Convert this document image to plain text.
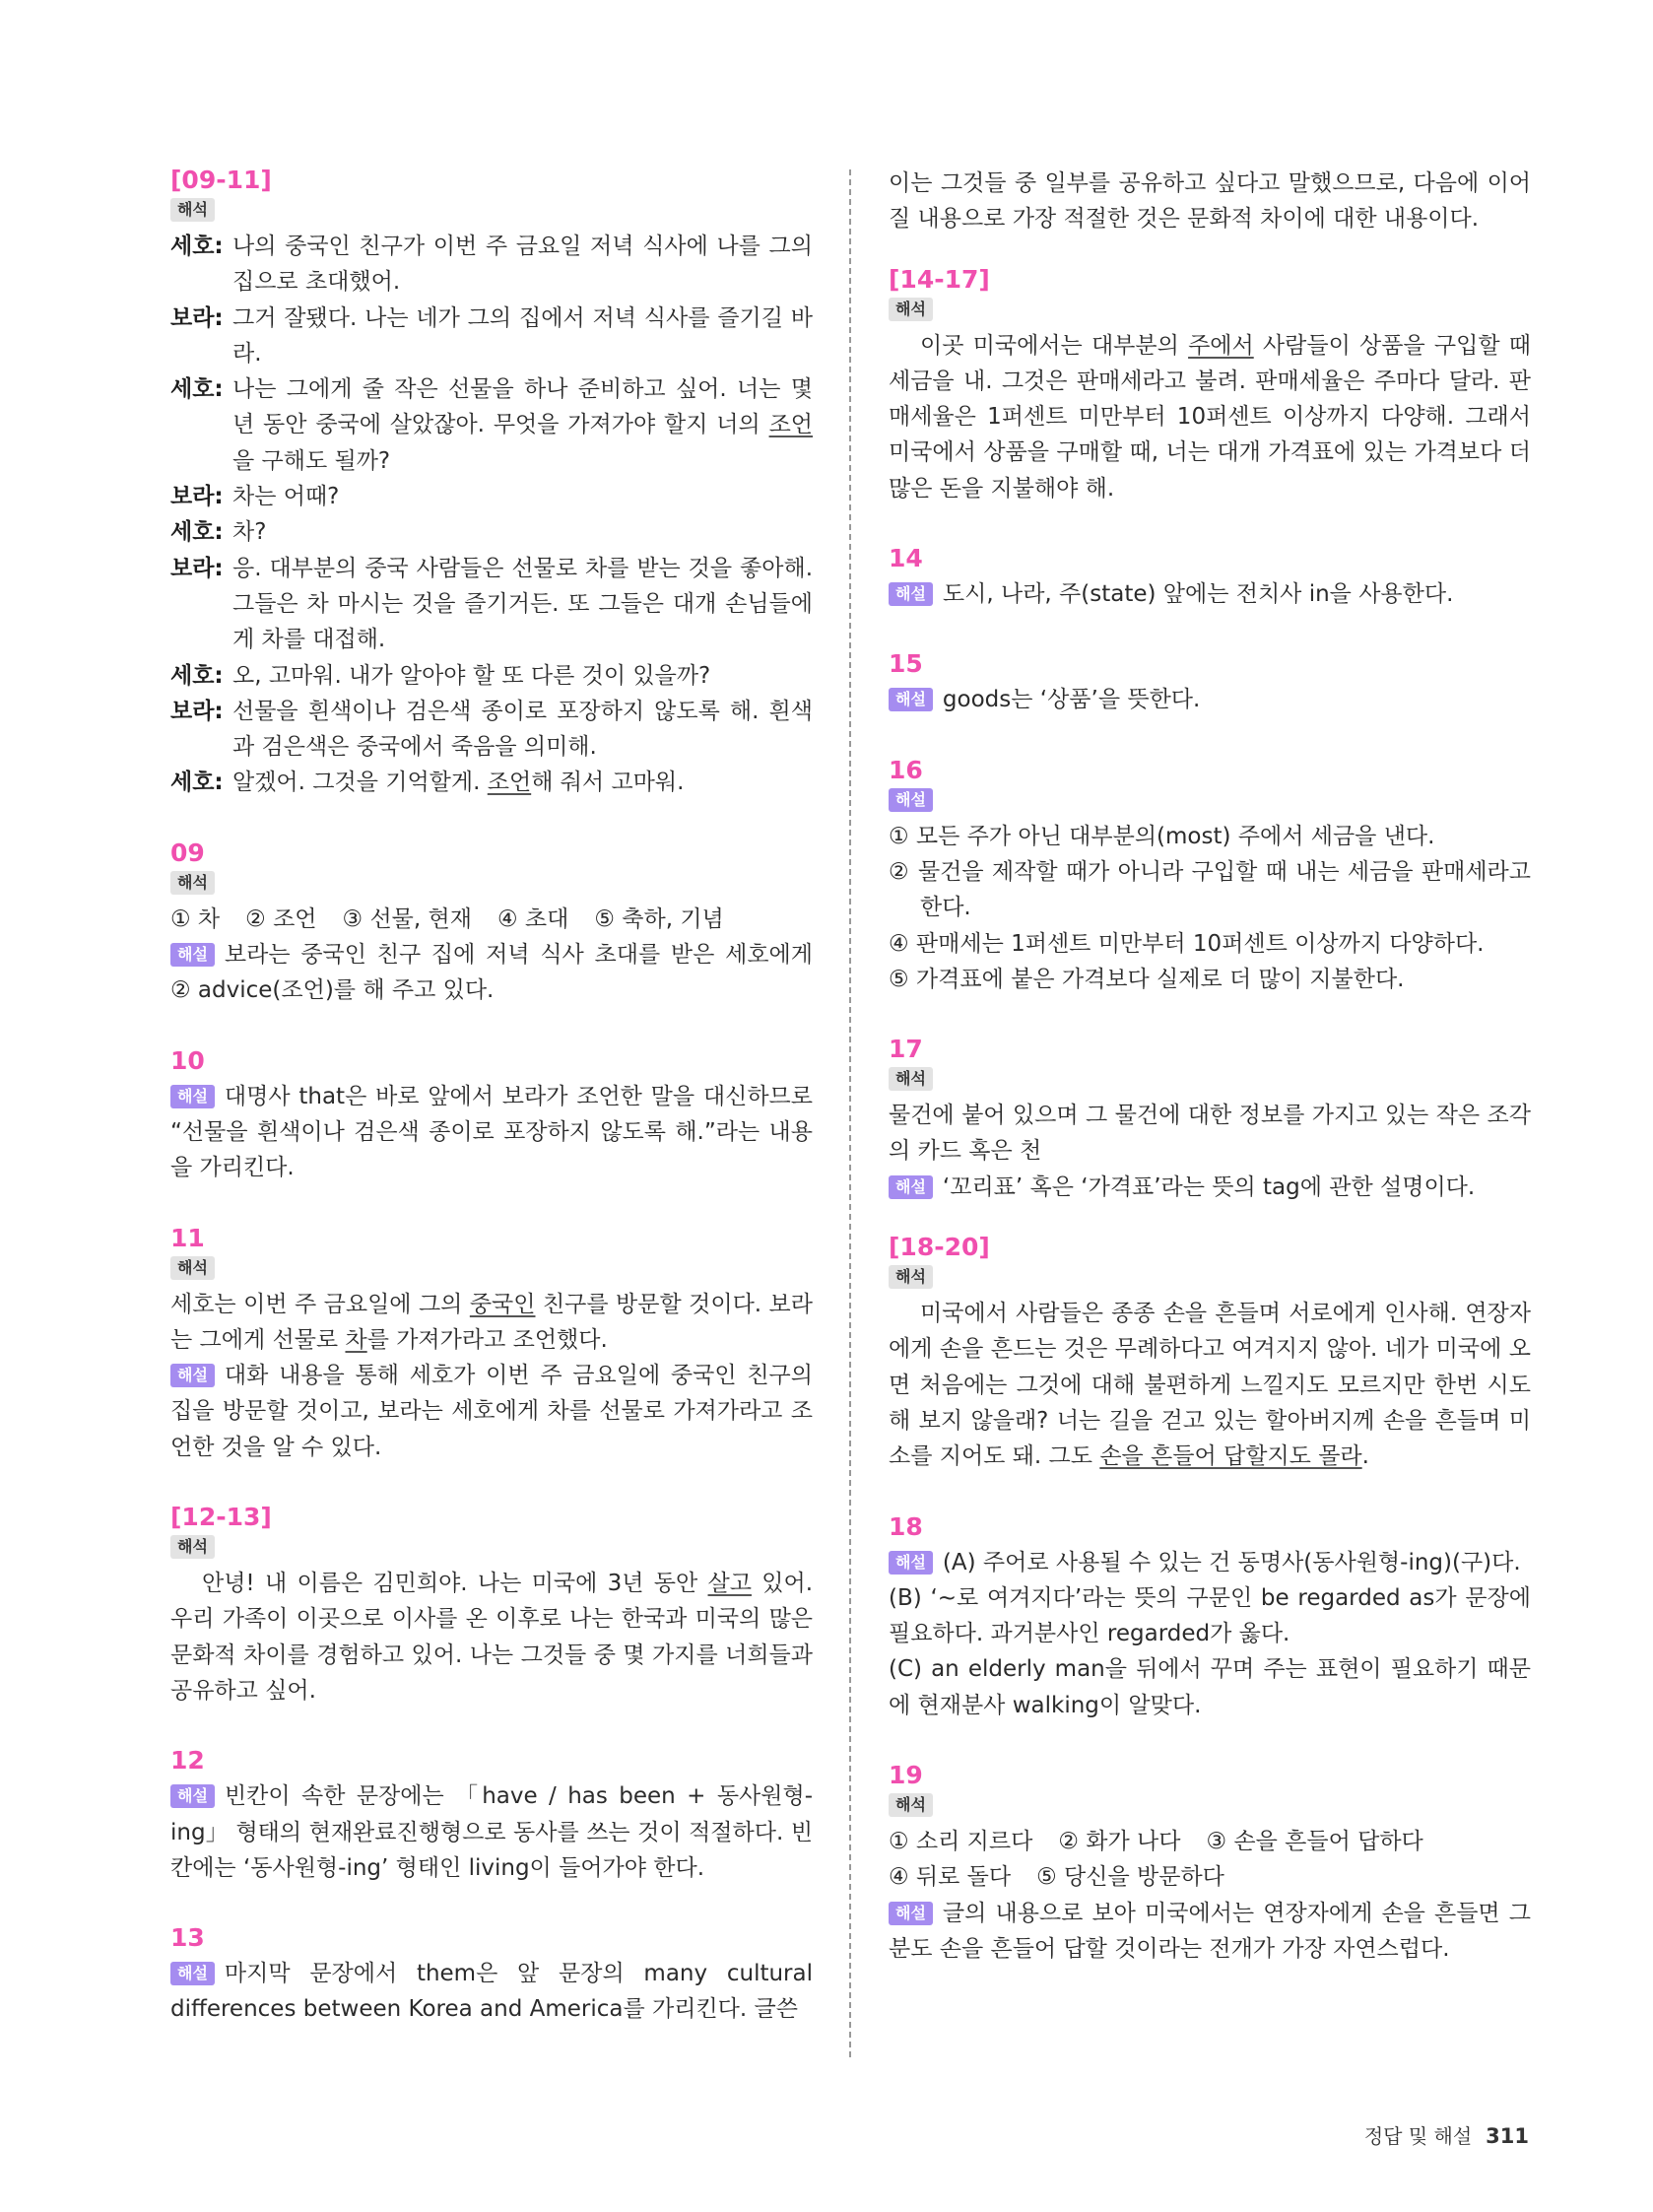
[09-11]
해석
세호: 나의 중국인 친구가 이번 주 금요일 저녁 식사에 나를 그의 집으로 초대했어.
보라: 그거 잘됐다. 나는 네가 그의 집에서 저녁 식사를 즐기길 바라.
세호: 나는 그에게 줄 작은 선물을 하나 준비하고 싶어. 너는 몇 년 동안 중국에 살았잖아. 무엇을 가져가야 할지 너의 조언을 구해도 될까?
보라: 차는 어때?
세호: 차?
보라: 응. 대부분의 중국 사람들은 선물로 차를 받는 것을 좋아해. 그들은 차 마시는 것을 즐기거든. 또 그들은 대개 손님들에게 차를 대접해.
세호: 오, 고마워. 내가 알아야 할 또 다른 것이 있을까?
보라: 선물을 흰색이나 검은색 종이로 포장하지 않도록 해. 흰색과 검은색은 중국에서 죽음을 의미해.
세호: 알겠어. 그것을 기억할게. 조언해 줘서 고마워.
09
해석
① 차 ② 조언 ③ 선물, 현재 ④ 초대 ⑤ 축하, 기념

해설 보라는 중국인 친구 집에 저녁 식사 초대를 받은 세호에게 ② advice(조언)를 해 주고 있다.

10

해설 대명사 that은 바로 앞에서 보라가 조언한 말을 대신하므로 “선물을 흰색이나 검은색 종이로 포장하지 않도록 해.”라는 내용을 가리킨다.

11
해석

세호는 이번 주 금요일에 그의 중국인 친구를 방문할 것이다. 보라는 그에게 선물로 차를 가져가라고 조언했다.

해설 대화 내용을 통해 세호가 이번 주 금요일에 중국인 친구의 집을 방문할 것이고, 보라는 세호에게 차를 선물로 가져가라고 조언한 것을 알 수 있다.

[12-13]
해석

안녕! 내 이름은 김민희야. 나는 미국에 3년 동안 살고 있어. 우리 가족이 이곳으로 이사를 온 이후로 나는 한국과 미국의 많은 문화적 차이를 경험하고 있어. 나는 그것들 중 몇 가지를 너희들과 공유하고 싶어.

12

해설 빈칸이 속한 문장에는 「have / has been + 동사원형-ing」 형태의 현재완료진행형으로 동사를 쓰는 것이 적절하다. 빈칸에는 ‘동사원형-ing’ 형태인 living이 들어가야 한다.

13

해설 마지막 문장에서 them은 앞 문장의 many cultural differences between Korea and America를 가리킨다. 글쓴

이는 그것들 중 일부를 공유하고 싶다고 말했으므로, 다음에 이어질 내용으로 가장 적절한 것은 문화적 차이에 대한 내용이다.

[14-17]
해석

이곳 미국에서는 대부분의 주에서 사람들이 상품을 구입할 때 세금을 내. 그것은 판매세라고 불려. 판매세율은 주마다 달라. 판매세율은 1퍼센트 미만부터 10퍼센트 이상까지 다양해. 그래서 미국에서 상품을 구매할 때, 너는 대개 가격표에 있는 가격보다 더 많은 돈을 지불해야 해.

14

해설 도시, 나라, 주(state) 앞에는 전치사 in을 사용한다.

15

해설 goods는 ‘상품’을 뜻한다.

16
해설

① 모든 주가 아닌 대부분의(most) 주에서 세금을 낸다.

② 물건을 제작할 때가 아니라 구입할 때 내는 세금을 판매세라고 한다.

④ 판매세는 1퍼센트 미만부터 10퍼센트 이상까지 다양하다.

⑤ 가격표에 붙은 가격보다 실제로 더 많이 지불한다.

17
해석

물건에 붙어 있으며 그 물건에 대한 정보를 가지고 있는 작은 조각의 카드 혹은 천

해설 ‘꼬리표’ 혹은 ‘가격표’라는 뜻의 tag에 관한 설명이다.

[18-20]
해석

미국에서 사람들은 종종 손을 흔들며 서로에게 인사해. 연장자에게 손을 흔드는 것은 무례하다고 여겨지지 않아. 네가 미국에 오면 처음에는 그것에 대해 불편하게 느낄지도 모르지만 한번 시도해 보지 않을래? 너는 길을 걷고 있는 할아버지께 손을 흔들며 미소를 지어도 돼. 그도 손을 흔들어 답할지도 몰라.

18

해설 (A) 주어로 사용될 수 있는 건 동명사(동사원형-ing)(구)다.

(B) ‘~로 여겨지다’라는 뜻의 구문인 be regarded as가 문장에 필요하다. 과거분사인 regarded가 옳다.

(C) an elderly man을 뒤에서 꾸며 주는 표현이 필요하기 때문에 현재분사 walking이 알맞다.

19
해석
① 소리 지르다 ② 화가 나다 ③ 손을 흔들어 답하다
④ 뒤로 돌다 ⑤ 당신을 방문하다

해설 글의 내용으로 보아 미국에서는 연장자에게 손을 흔들면 그분도 손을 흔들어 답할 것이라는 전개가 가장 자연스럽다.

정답 및 해설 311
